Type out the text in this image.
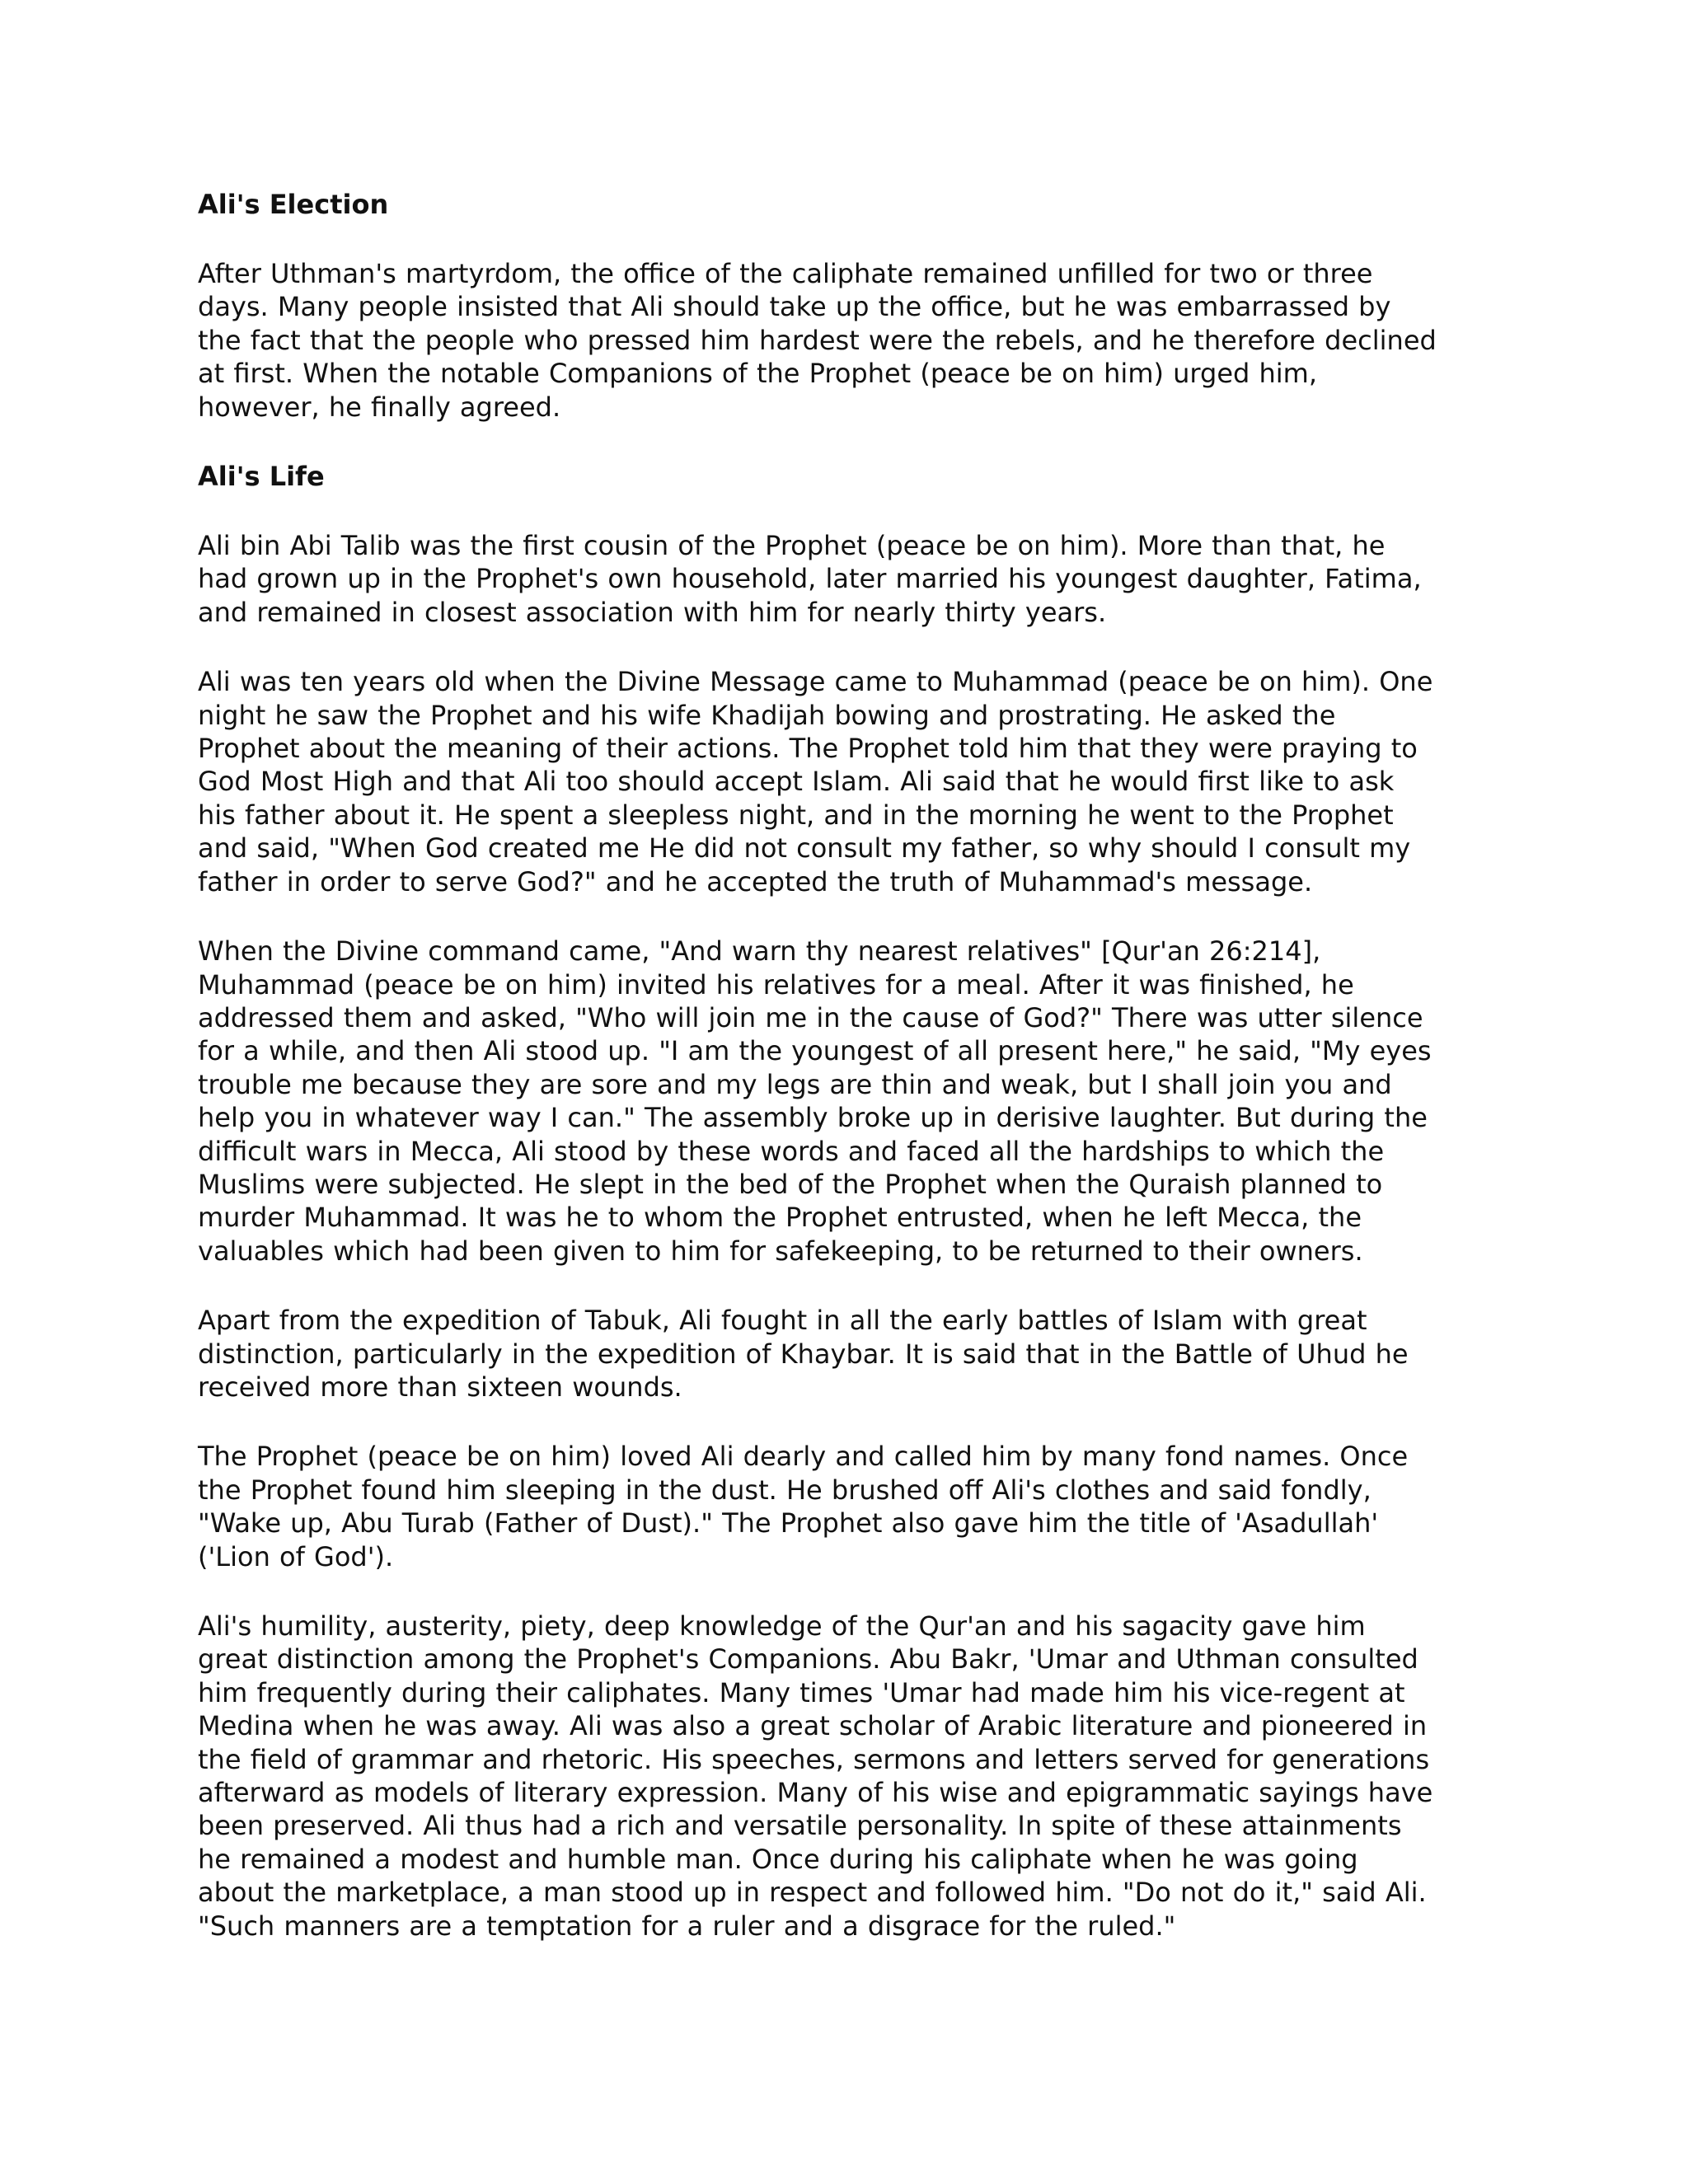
Ali's Election

After Uthman's martyrdom, the office of the caliphate remained unfilled for two or three
days. Many people insisted that Ali should take up the office, but he was embarrassed by
the fact that the people who pressed him hardest were the rebels, and he therefore declined
at first. When the notable Companions of the Prophet (peace be on him) urged him,
however, he finally agreed.

Ali's Life

Ali bin Abi Talib was the first cousin of the Prophet (peace be on him). More than that, he
had grown up in the Prophet's own household, later married his youngest daughter, Fatima,
and remained in closest association with him for nearly thirty years.

Ali was ten years old when the Divine Message came to Muhammad (peace be on him). One
night he saw the Prophet and his wife Khadijah bowing and prostrating. He asked the
Prophet about the meaning of their actions. The Prophet told him that they were praying to
God Most High and that Ali too should accept Islam. Ali said that he would first like to ask
his father about it. He spent a sleepless night, and in the morning he went to the Prophet
and said, "When God created me He did not consult my father, so why should I consult my
father in order to serve God?" and he accepted the truth of Muhammad's message.

When the Divine command came, "And warn thy nearest relatives" [Qur'an 26:214],
Muhammad (peace be on him) invited his relatives for a meal. After it was finished, he
addressed them and asked, "Who will join me in the cause of God?" There was utter silence
for a while, and then Ali stood up. "I am the youngest of all present here," he said, "My eyes
trouble me because they are sore and my legs are thin and weak, but I shall join you and
help you in whatever way I can." The assembly broke up in derisive laughter. But during the
difficult wars in Mecca, Ali stood by these words and faced all the hardships to which the
Muslims were subjected. He slept in the bed of the Prophet when the Quraish planned to
murder Muhammad. It was he to whom the Prophet entrusted, when he left Mecca, the
valuables which had been given to him for safekeeping, to be returned to their owners.

Apart from the expedition of Tabuk, Ali fought in all the early battles of Islam with great
distinction, particularly in the expedition of Khaybar. It is said that in the Battle of Uhud he
received more than sixteen wounds.

The Prophet (peace be on him) loved Ali dearly and called him by many fond names. Once
the Prophet found him sleeping in the dust. He brushed off Ali's clothes and said fondly,
"Wake up, Abu Turab (Father of Dust)." The Prophet also gave him the title of 'Asadullah'
('Lion of God').

Ali's humility, austerity, piety, deep knowledge of the Qur'an and his sagacity gave him
great distinction among the Prophet's Companions. Abu Bakr, 'Umar and Uthman consulted
him frequently during their caliphates. Many times 'Umar had made him his vice-regent at
Medina when he was away. Ali was also a great scholar of Arabic literature and pioneered in
the field of grammar and rhetoric. His speeches, sermons and letters served for generations
afterward as models of literary expression. Many of his wise and epigrammatic sayings have
been preserved. Ali thus had a rich and versatile personality. In spite of these attainments
he remained a modest and humble man. Once during his caliphate when he was going
about the marketplace, a man stood up in respect and followed him. "Do not do it," said Ali.
"Such manners are a temptation for a ruler and a disgrace for the ruled."
